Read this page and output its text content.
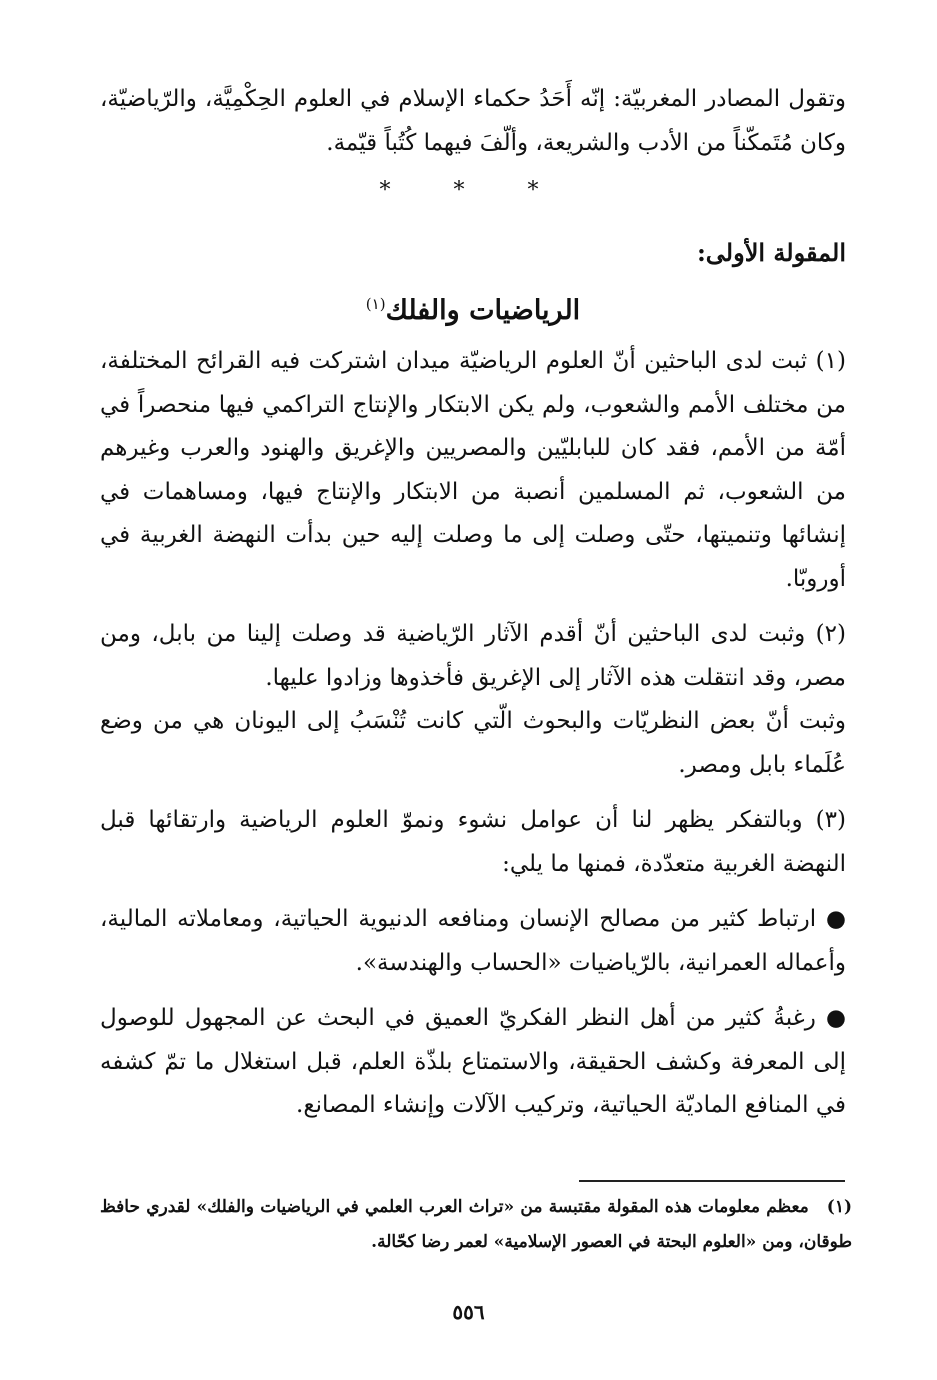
وتقول المصادر المغربيّة: إنّه أَحَدُ حكماء الإسلام في العلوم الحِكْمِيَّة، والرّياضيّة، وكان مُتَمكّناً من الأدب والشريعة، وألّفَ فيهما كُتُباً قيّمة.

* * *

المقولة الأولى:

الرياضيات والفلك$^{(١)}$

(١) ثبت لدى الباحثين أنّ العلوم الرياضيّة ميدان اشتركت فيه القرائح المختلفة، من مختلف الأمم والشعوب، ولم يكن الابتكار والإنتاج التراكمي فيها منحصراً في أمّة من الأمم، فقد كان للبابليّين والمصريين والإغريق والهنود والعرب وغيرهم من الشعوب، ثم المسلمين أنصبة من الابتكار والإنتاج فيها، ومساهمات في إنشائها وتنميتها، حتّى وصلت إلى ما وصلت إليه حين بدأت النهضة الغربية في أوروبّا.

(٢) وثبت لدى الباحثين أنّ أقدم الآثار الرّياضية قد وصلت إلينا من بابل، ومن مصر، وقد انتقلت هذه الآثار إلى الإغريق فأخذوها وزادوا عليها.

وثبت أنّ بعض النظريّات والبحوث الّتي كانت تُنْسَبُ إلى اليونان هي من وضع عُلَماء بابل ومصر.

(٣) وبالتفكر يظهر لنا أن عوامل نشوء ونموّ العلوم الرياضية وارتقائها قبل النهضة الغربية متعدّدة، فمنها ما يلي:

● ارتباط كثير من مصالح الإنسان ومنافعه الدنيوية الحياتية، ومعاملاته المالية، وأعماله العمرانية، بالرّياضيات «الحساب والهندسة».

● رغبةُ كثير من أهل النظر الفكريّ العميق في البحث عن المجهول للوصول إلى المعرفة وكشف الحقيقة، والاستمتاع بلذّة العلم، قبل استغلال ما تمّ كشفه في المنافع الماديّة الحياتية، وتركيب الآلات وإنشاء المصانع.

(١)معظم معلومات هذه المقولة مقتبسة من «تراث العرب العلمي في الرياضيات والفلك» لقدري حافظ طوقان، ومن «العلوم البحتة في العصور الإسلامية» لعمر رضا كحّالة.

٥٥٦
